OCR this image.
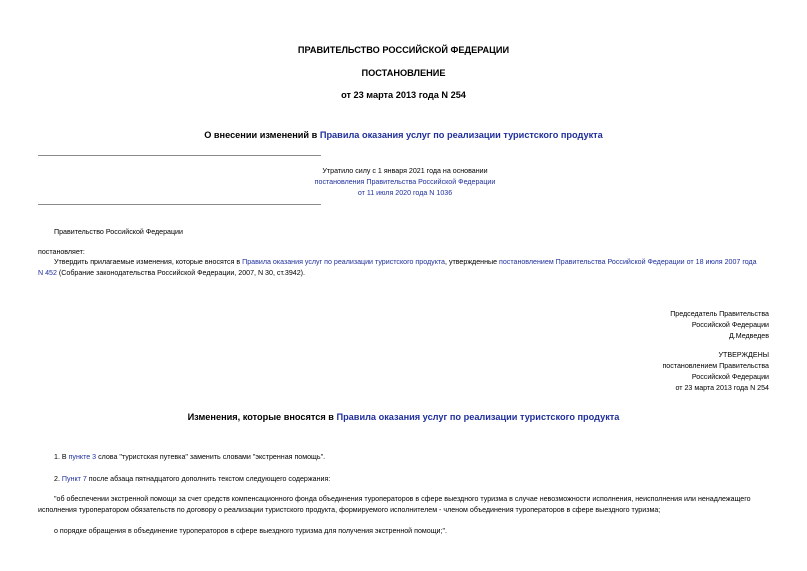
ПРАВИТЕЛЬСТВО РОССИЙСКОЙ ФЕДЕРАЦИИ
ПОСТАНОВЛЕНИЕ
от 23 марта 2013 года N 254
О внесении изменений в Правила оказания услуг по реализации туристского продукта
Утратило силу с 1 января 2021 года на основании
постановления Правительства Российской Федерации
от 11 июля 2020 года N 1036
Правительство Российской Федерации
постановляет:
Утвердить прилагаемые изменения, которые вносятся в Правила оказания услуг по реализации туристского продукта, утвержденные постановлением Правительства Российской Федерации от 18 июля 2007 года
N 452 (Собрание законодательства Российской Федерации, 2007, N 30, ст.3942).
Председатель Правительства
Российской Федерации
Д.Медведев
УТВЕРЖДЕНЫ
постановлением Правительства
Российской Федерации
от 23 марта 2013 года N 254
Изменения, которые вносятся в Правила оказания услуг по реализации туристского продукта
1. В пункте 3 слова "туристская путевка" заменить словами "экстренная помощь".
2. Пункт 7 после абзаца пятнадцатого дополнить текстом следующего содержания:
"об обеспечении экстренной помощи за счет средств компенсационного фонда объединения туроператоров в сфере выездного туризма в случае невозможности исполнения, неисполнения или ненадлежащего
исполнения туроператором обязательств по договору о реализации туристского продукта, формируемого исполнителем - членом объединения туроператоров в сфере выездного туризма;
о порядке обращения в объединение туроператоров в сфере выездного туризма для получения экстренной помощи;".
